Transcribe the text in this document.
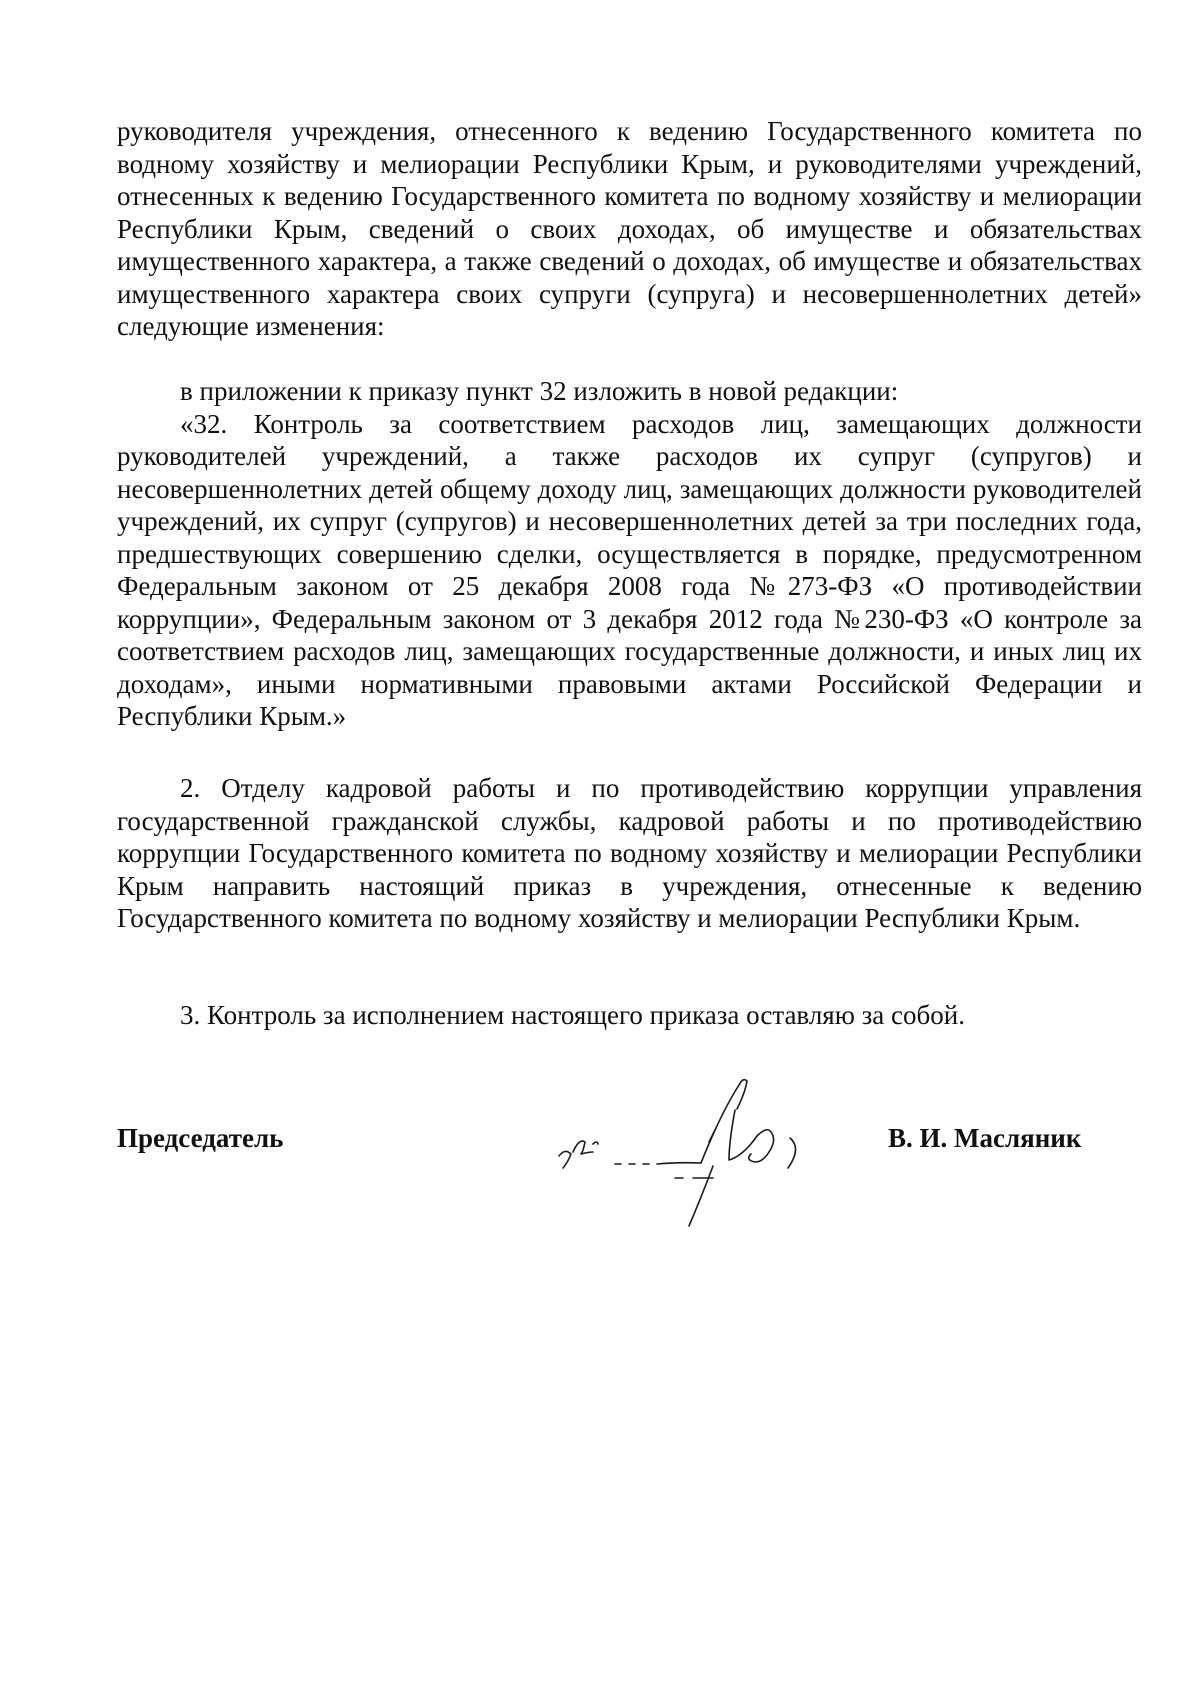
руководителя учреждения, отнесенного к ведению Государственного комитета по водному хозяйству и мелиорации Республики Крым, и руководителями учреждений, отнесенных к ведению Государственного комитета по водному хозяйству и мелиорации Республики Крым, сведений о своих доходах, об имуществе и обязательствах имущественного характера, а также сведений о доходах, об имуществе и обязательствах имущественного характера своих супруги (супруга) и несовершеннолетних детей» следующие изменения:

в приложении к приказу пункт 32 изложить в новой редакции:

«32. Контроль за соответствием расходов лиц, замещающих должности руководителей учреждений, а также расходов их супруг (супругов) и несовершеннолетних детей общему доходу лиц, замещающих должности руководителей учреждений, их супруг (супругов) и несовершеннолетних детей за три последних года, предшествующих совершению сделки, осуществляется в порядке, предусмотренном Федеральным законом от 25 декабря 2008 года №273-ФЗ «О противодействии коррупции», Федеральным законом от 3 декабря 2012 года №230-ФЗ «О контроле за соответствием расходов лиц, замещающих государственные должности, и иных лиц их доходам», иными нормативными правовыми актами Российской Федерации и Республики Крым.»

2. Отделу кадровой работы и по противодействию коррупции управления государственной гражданской службы, кадровой работы и по противодействию коррупции Государственного комитета по водному хозяйству и мелиорации Республики Крым направить настоящий приказ в учреждения, отнесенные к ведению Государственного комитета по водному хозяйству и мелиорации Республики Крым.

3. Контроль за исполнением настоящего приказа оставляю за собой.

Председатель	В. И. Масляник
